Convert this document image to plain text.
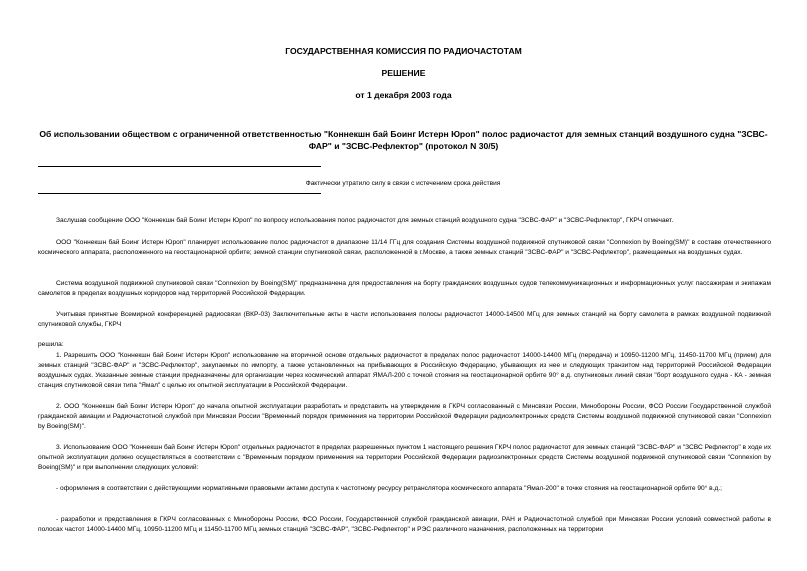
ГОСУДАРСТВЕННАЯ КОМИССИЯ ПО РАДИОЧАСТОТАМ
РЕШЕНИЕ
от 1 декабря 2003 года
Об использовании обществом с ограниченной ответственностью "Коннекшн бай Боинг Истерн Юроп" полос радиочастот для земных станций воздушного судна "ЗСВС-ФАР" и "ЗСВС-Рефлектор" (протокол N 30/5)
Фактически утратило силу в связи с истечением срока действия
Заслушав сообщение ООО "Коннекшн бай Боинг Истерн Юроп" по вопросу использования полос радиочастот для земных станций воздушного судна "ЗСВС-ФАР" и "ЗСВС-Рефлектор", ГКРЧ отмечает.
ООО "Коннекшн бай Боинг Истерн Юроп" планирует использование полос радиочастот в диапазоне 11/14 ГГц для создания Системы воздушной подвижной спутниковой связи "Connexion by Boeing(SM)" в составе отечественного космического аппарата, расположенного на геостационарной орбите; земной станции спутниковой связи, расположенной в г.Москве, а также земных станций "ЗСВС-ФАР" и "ЗСВС-Рефлектор", размещаемых на воздушных судах.
Система воздушной подвижной спутниковой связи "Connexion by Boeing(SM)" предназначена для предоставления на борту гражданских воздушных судов телекоммуникационных и информационных услуг пассажирам и экипажам самолетов в пределах воздушных коридоров над территорией Российской Федерации.
Учитывая принятые Всемирной конференцией радиосвязи (ВКР-03) Заключительные акты в части использования полосы радиочастот 14000-14500 МГц для земных станций на борту самолета в рамках воздушной подвижной спутниковой службы, ГКРЧ
решила:
1. Разрешить ООО "Коннекшн бай Боинг Истерн Юроп" использование на вторичной основе отдельных радиочастот в пределах полос радиочастот 14000-14400 МГц (передача) и 10950-11200 МГц, 11450-11700 МГц (прием) для земных станций "ЗСВС-ФАР" и "ЗСВС-Рефлектор", закупаемых по импорту, а также установленных на прибывающих в Российскую Федерацию, убывающих из нее и следующих транзитом над территорией Российской Федерации воздушных судах. Указанные земные станции предназначены для организации через космический аппарат ЯМАЛ-200 с точкой стояния на геостационарной орбите 90° в.д. спутниковых линий связи "борт воздушного судна - КА - земная станция спутниковой связи типа "Ямал" с целью их опытной эксплуатации в Российской Федерации.
2. ООО "Коннекшн бай Боинг Истерн Юроп" до начала опытной эксплуатации разработать и представить на утверждение в ГКРЧ согласованный с Минсвязи России, Минобороны России, ФСО России Государственной службой гражданской авиации и Радиочастотной службой при Минсвязи России "Временный порядок применения на территории Российской Федерации радиоэлектронных средств Системы воздушной подвижной спутниковой связи "Connexion by Boeing(SM)".
3. Использование ООО "Коннекшн бай Боинг Истерн Юроп" отдельных радиочастот в пределах разрешенных пунктом 1 настоящего решения ГКРЧ полос радиочастот для земных станций "ЗСВС-ФАР" и "ЗСВС Рефлектор" в ходе их опытной эксплуатации должно осуществляться в соответствии с "Временным порядком применения на территории Российской Федерации радиоэлектронных средств Системы воздушной подвижной спутниковой связи "Connexion by Boeing(SM)" и при выполнении следующих условий:
- оформления в соответствии с действующими нормативными правовыми актами доступа к частотному ресурсу ретранслятора космического аппарата "Ямал-200" в точке стояния на геостационарной орбите 90° в.д.;
- разработки и представления в ГКРЧ согласованных с Минобороны России, ФСО России, Государственной службой гражданской авиации, РАН и Радиочастотной службой при Минсвязи России условий совместной работы в полосах частот 14000-14400 МГц, 10950-11200 МГц и 11450-11700 МГц земных станций "ЗСВС-ФАР", "ЗСВС-Рефлектор" и РЭС различного назначения, расположенных на территории
